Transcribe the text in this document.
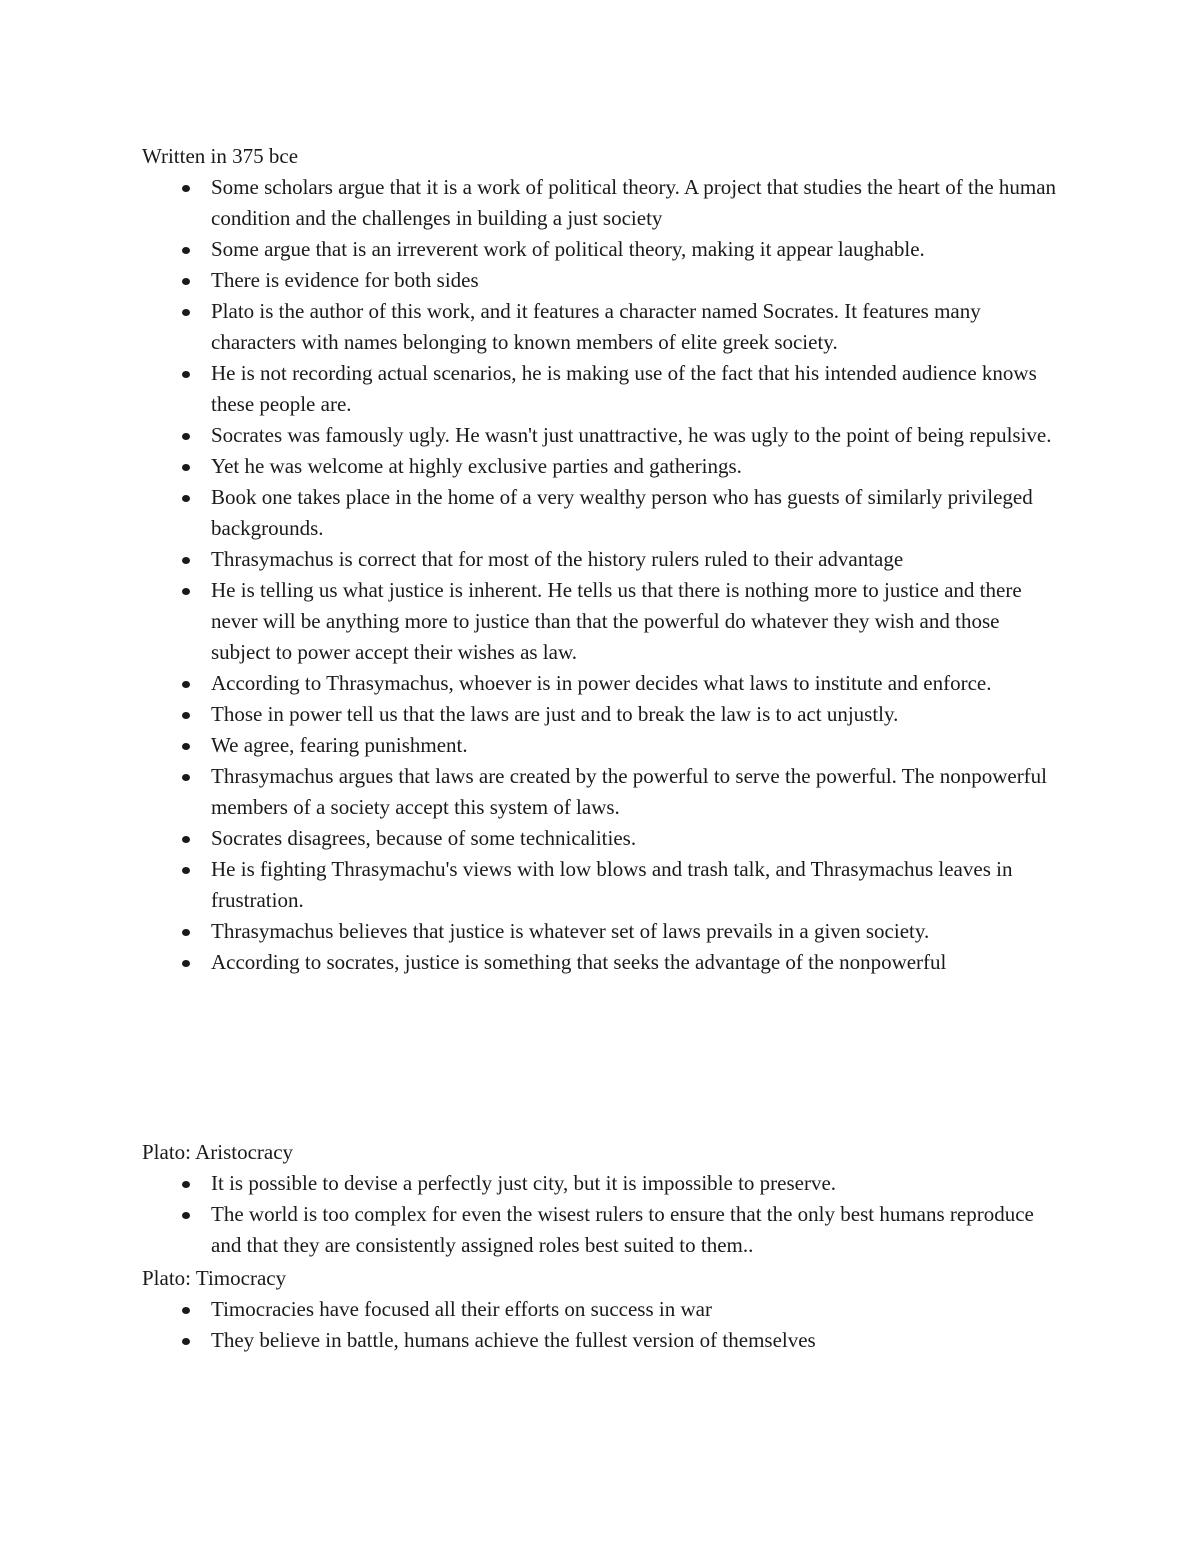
Written in 375 bce

Some scholars argue that it is a work of political theory. A project that studies the heart of the human condition and the challenges in building a just society
Some argue that is an irreverent work of political theory, making it appear laughable.
There is evidence for both sides
Plato is the author of this work, and it features a character named Socrates. It features many characters with names belonging to known members of elite greek society.
He is not recording actual scenarios, he is making use of the fact that his intended audience knows these people are.
Socrates was famously ugly. He wasn't just unattractive, he was ugly to the point of being repulsive.
Yet he was welcome at highly exclusive parties and gatherings.
Book one takes place in the home of a very wealthy person who has guests of similarly privileged backgrounds.
Thrasymachus is correct that for most of the history rulers ruled to their advantage
He is telling us what justice is inherent. He tells us that there is nothing more to justice and there never will be anything more to justice than that the powerful do whatever they wish and those subject to power accept their wishes as law.
According to Thrasymachus, whoever is in power decides what laws to institute and enforce.
Those in power tell us that the laws are just and to break the law is to act unjustly.
We agree, fearing punishment.
Thrasymachus argues that laws are created by the powerful to serve the powerful. The nonpowerful members of a society accept this system of laws.
Socrates disagrees, because of some technicalities.
He is fighting Thrasymachu's views with low blows and trash talk, and Thrasymachus leaves in frustration.
Thrasymachus believes that justice is whatever set of laws prevails in a given society.
According to socrates, justice is something that seeks the advantage of the nonpowerful

Plato: Aristocracy

It is possible to devise a perfectly just city, but it is impossible to preserve.
The world is too complex for even the wisest rulers to ensure that the only best humans reproduce and that they are consistently assigned roles best suited to them..

Plato: Timocracy

Timocracies have focused all their efforts on success in war
They believe in battle, humans achieve the fullest version of themselves
